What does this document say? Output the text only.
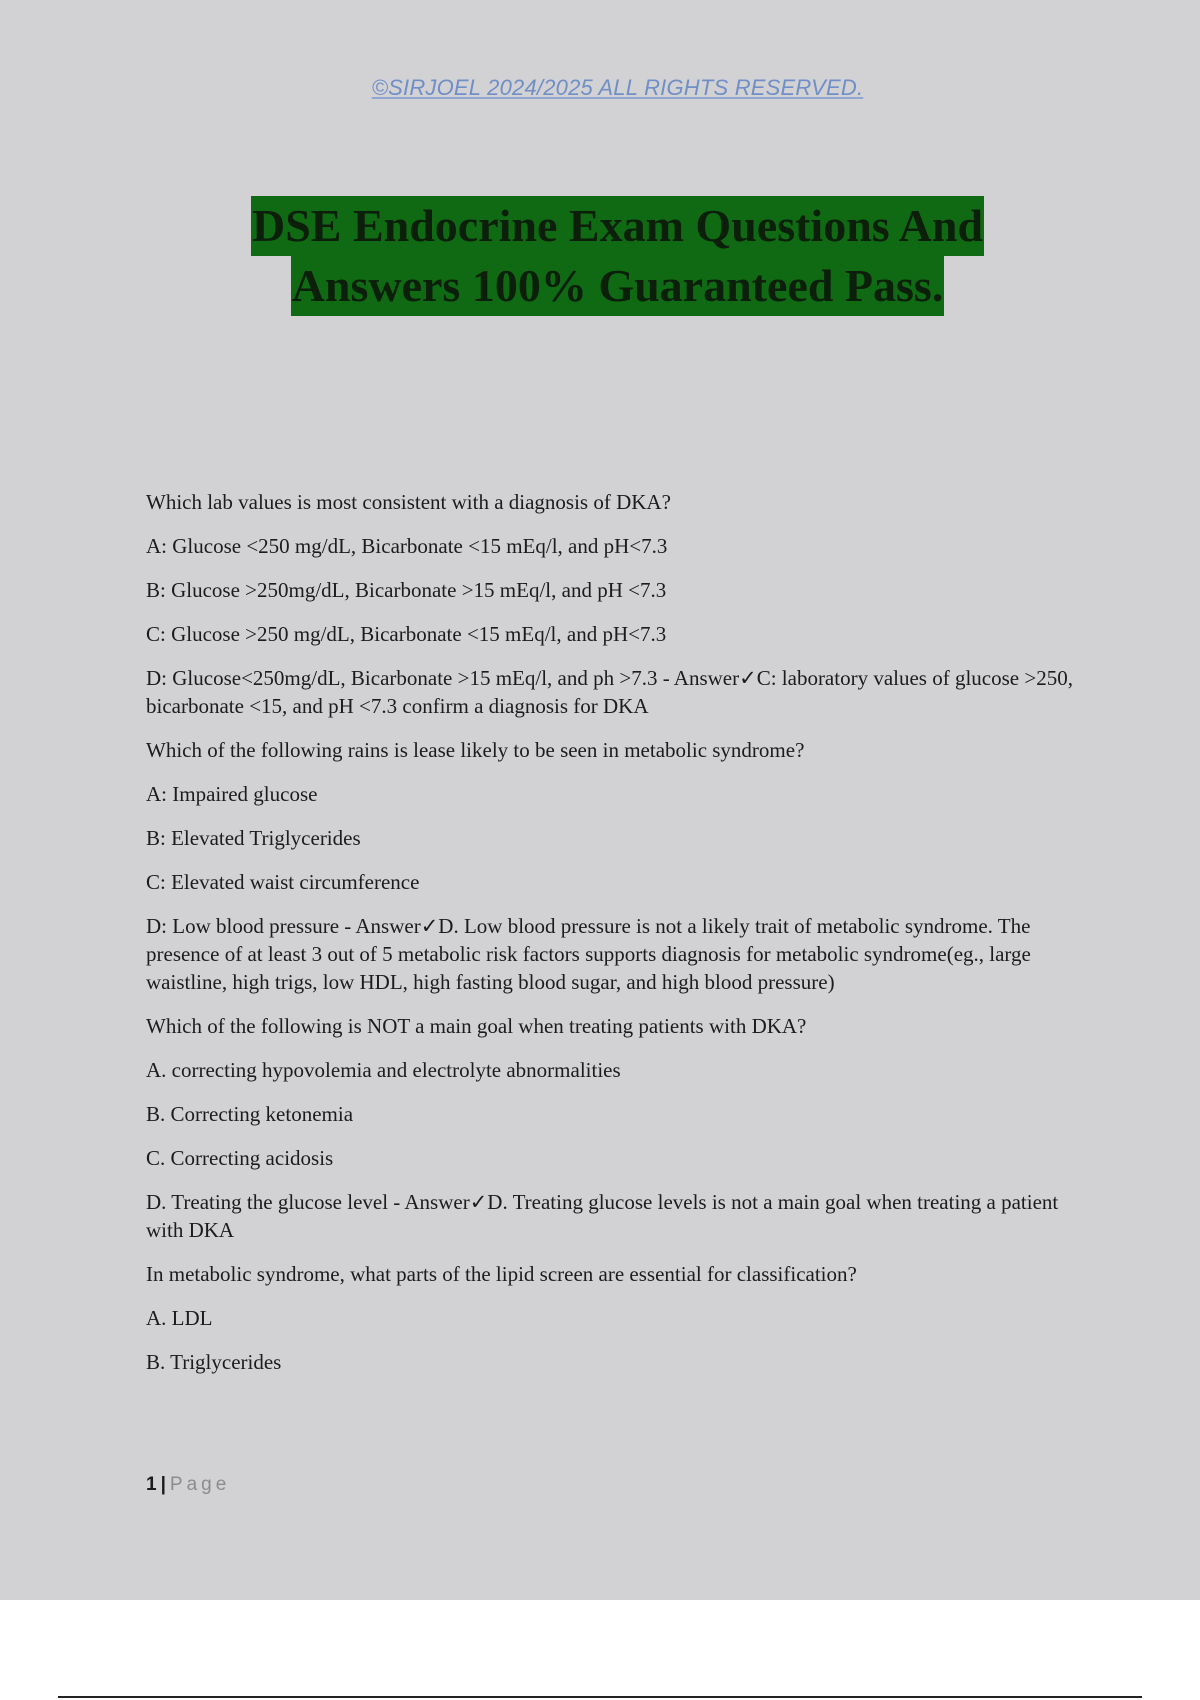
©SIRJOEL 2024/2025 ALL RIGHTS RESERVED.
DSE Endocrine Exam Questions And
Answers 100% Guaranteed Pass.

Which lab values is most consistent with a diagnosis of DKA?

A: Glucose <250 mg/dL, Bicarbonate <15 mEq/l, and pH<7.3

B: Glucose >250mg/dL, Bicarbonate >15 mEq/l, and pH <7.3

C: Glucose >250 mg/dL, Bicarbonate <15 mEq/l, and pH<7.3

D: Glucose<250mg/dL, Bicarbonate >15 mEq/l, and ph >7.3 - Answer✓C: laboratory values of glucose >250, bicarbonate <15, and pH <7.3 confirm a diagnosis for DKA

Which of the following rains is lease likely to be seen in metabolic syndrome?

A: Impaired glucose

B: Elevated Triglycerides

C: Elevated waist circumference

D: Low blood pressure - Answer✓D. Low blood pressure is not a likely trait of metabolic syndrome. The presence of at least 3 out of 5 metabolic risk factors supports diagnosis for metabolic syndrome(eg., large waistline, high trigs, low HDL, high fasting blood sugar, and high blood pressure)

Which of the following is NOT a main goal when treating patients with DKA?

A. correcting hypovolemia and electrolyte abnormalities

B. Correcting ketonemia

C. Correcting acidosis

D. Treating the glucose level - Answer✓D. Treating glucose levels is not a main goal when treating a patient with DKA

In metabolic syndrome, what parts of the lipid screen are essential for classification?

A. LDL

B. Triglycerides

1 | Page
